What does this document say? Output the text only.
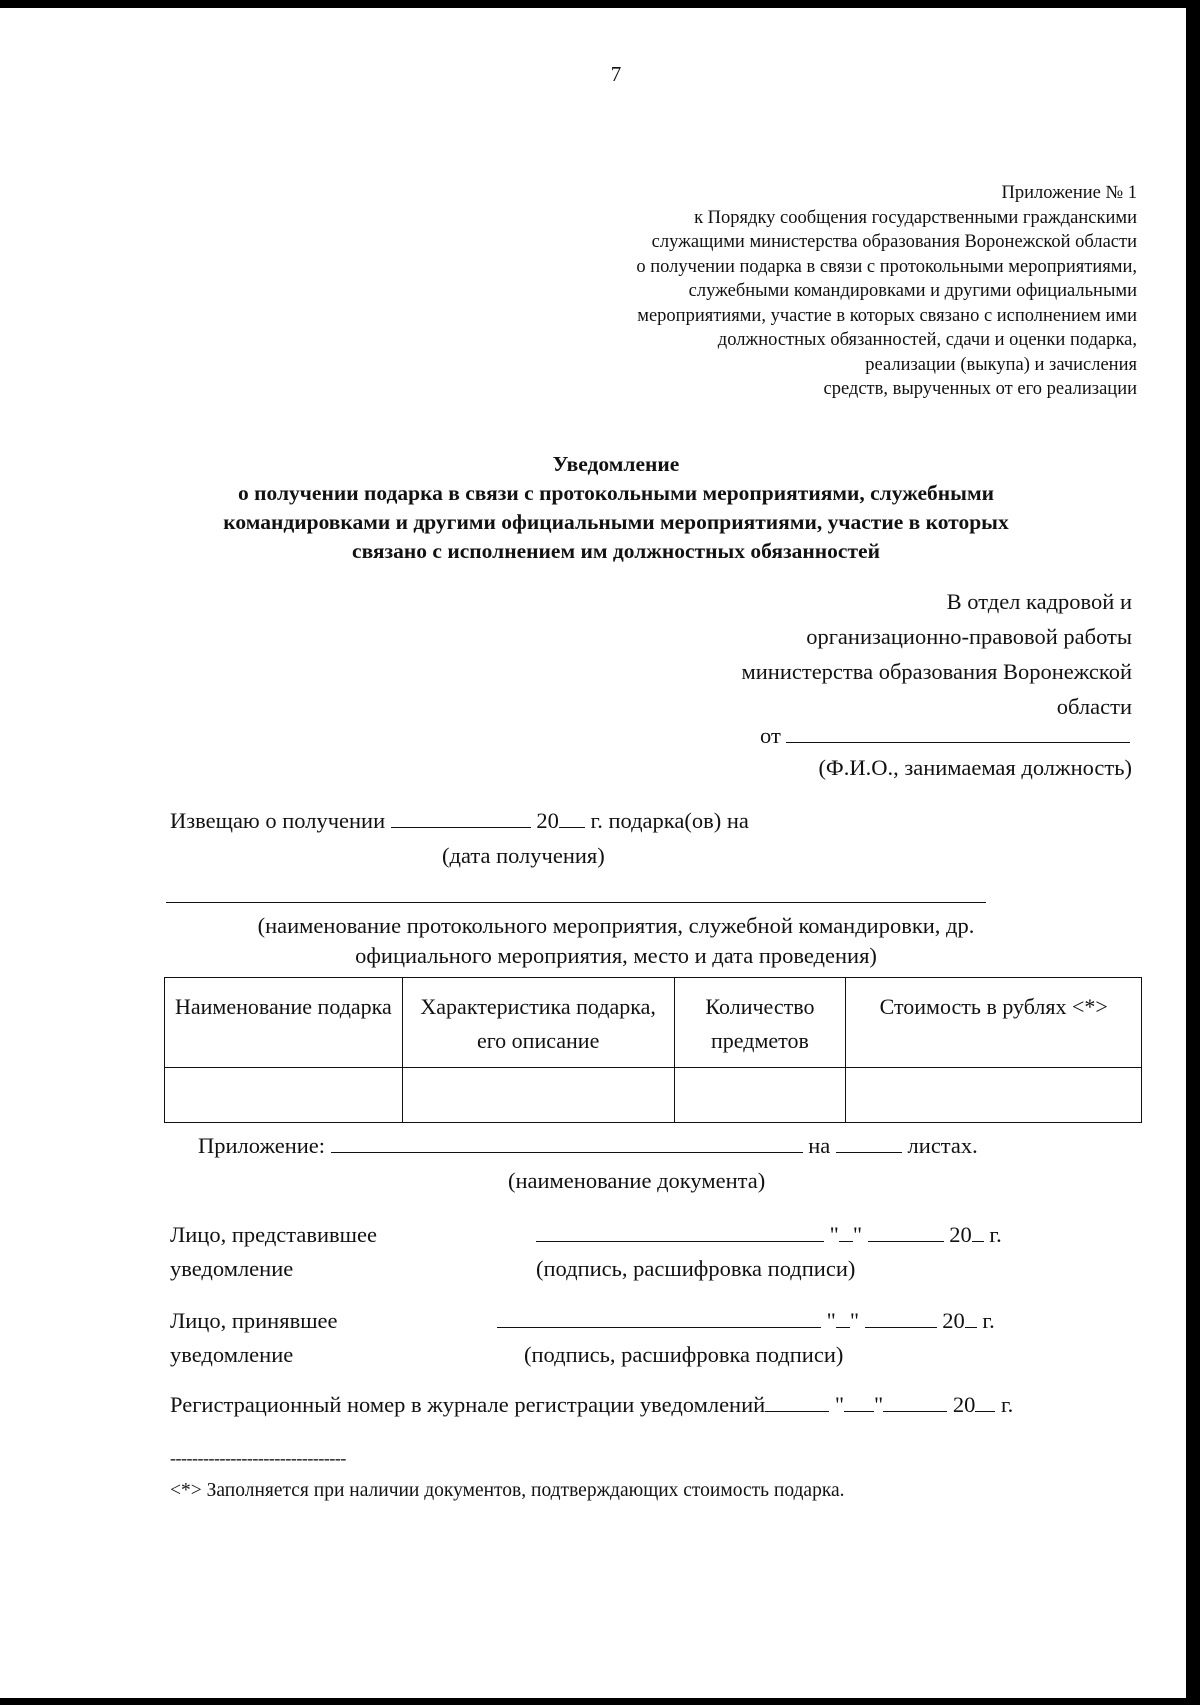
7
Приложение № 1
к Порядку сообщения государственными гражданскими
служащими министерства образования Воронежской области
о получении подарка в связи с протокольными мероприятиями,
служебными командировками и другими официальными
мероприятиями, участие в которых связано с исполнением ими
должностных обязанностей, сдачи и оценки подарка,
реализации (выкупа) и зачисления
средств, вырученных от его реализации
Уведомление
о получении подарка в связи с протокольными мероприятиями, служебными
командировками и другими официальными мероприятиями, участие в которых
связано с исполнением им должностных обязанностей
В отдел кадровой и
организационно-правовой работы
министерства образования Воронежской
области
от
(Ф.И.О., занимаемая должность)
Извещаю о получении	20 г. подарка(ов) на
(дата получения)
(наименование протокольного мероприятия, служебной командировки, др.
официального мероприятия, место и дата проведения)
Наименование подарка	Характеристика подарка, его описание	Количество предметов	Стоимость в рублях <*>

Приложение:	на	листах.
(наименование документа)
Лицо, представившее
уведомление
" "	20 г.
(подпись, расшифровка подписи)
Лицо, принявшее
уведомление
" "	20 г.
(подпись, расшифровка подписи)
Регистрационный номер в журнале регистрации уведомлений	" "	20 г.
--------------------------------
<*> Заполняется при наличии документов, подтверждающих стоимость подарка.
